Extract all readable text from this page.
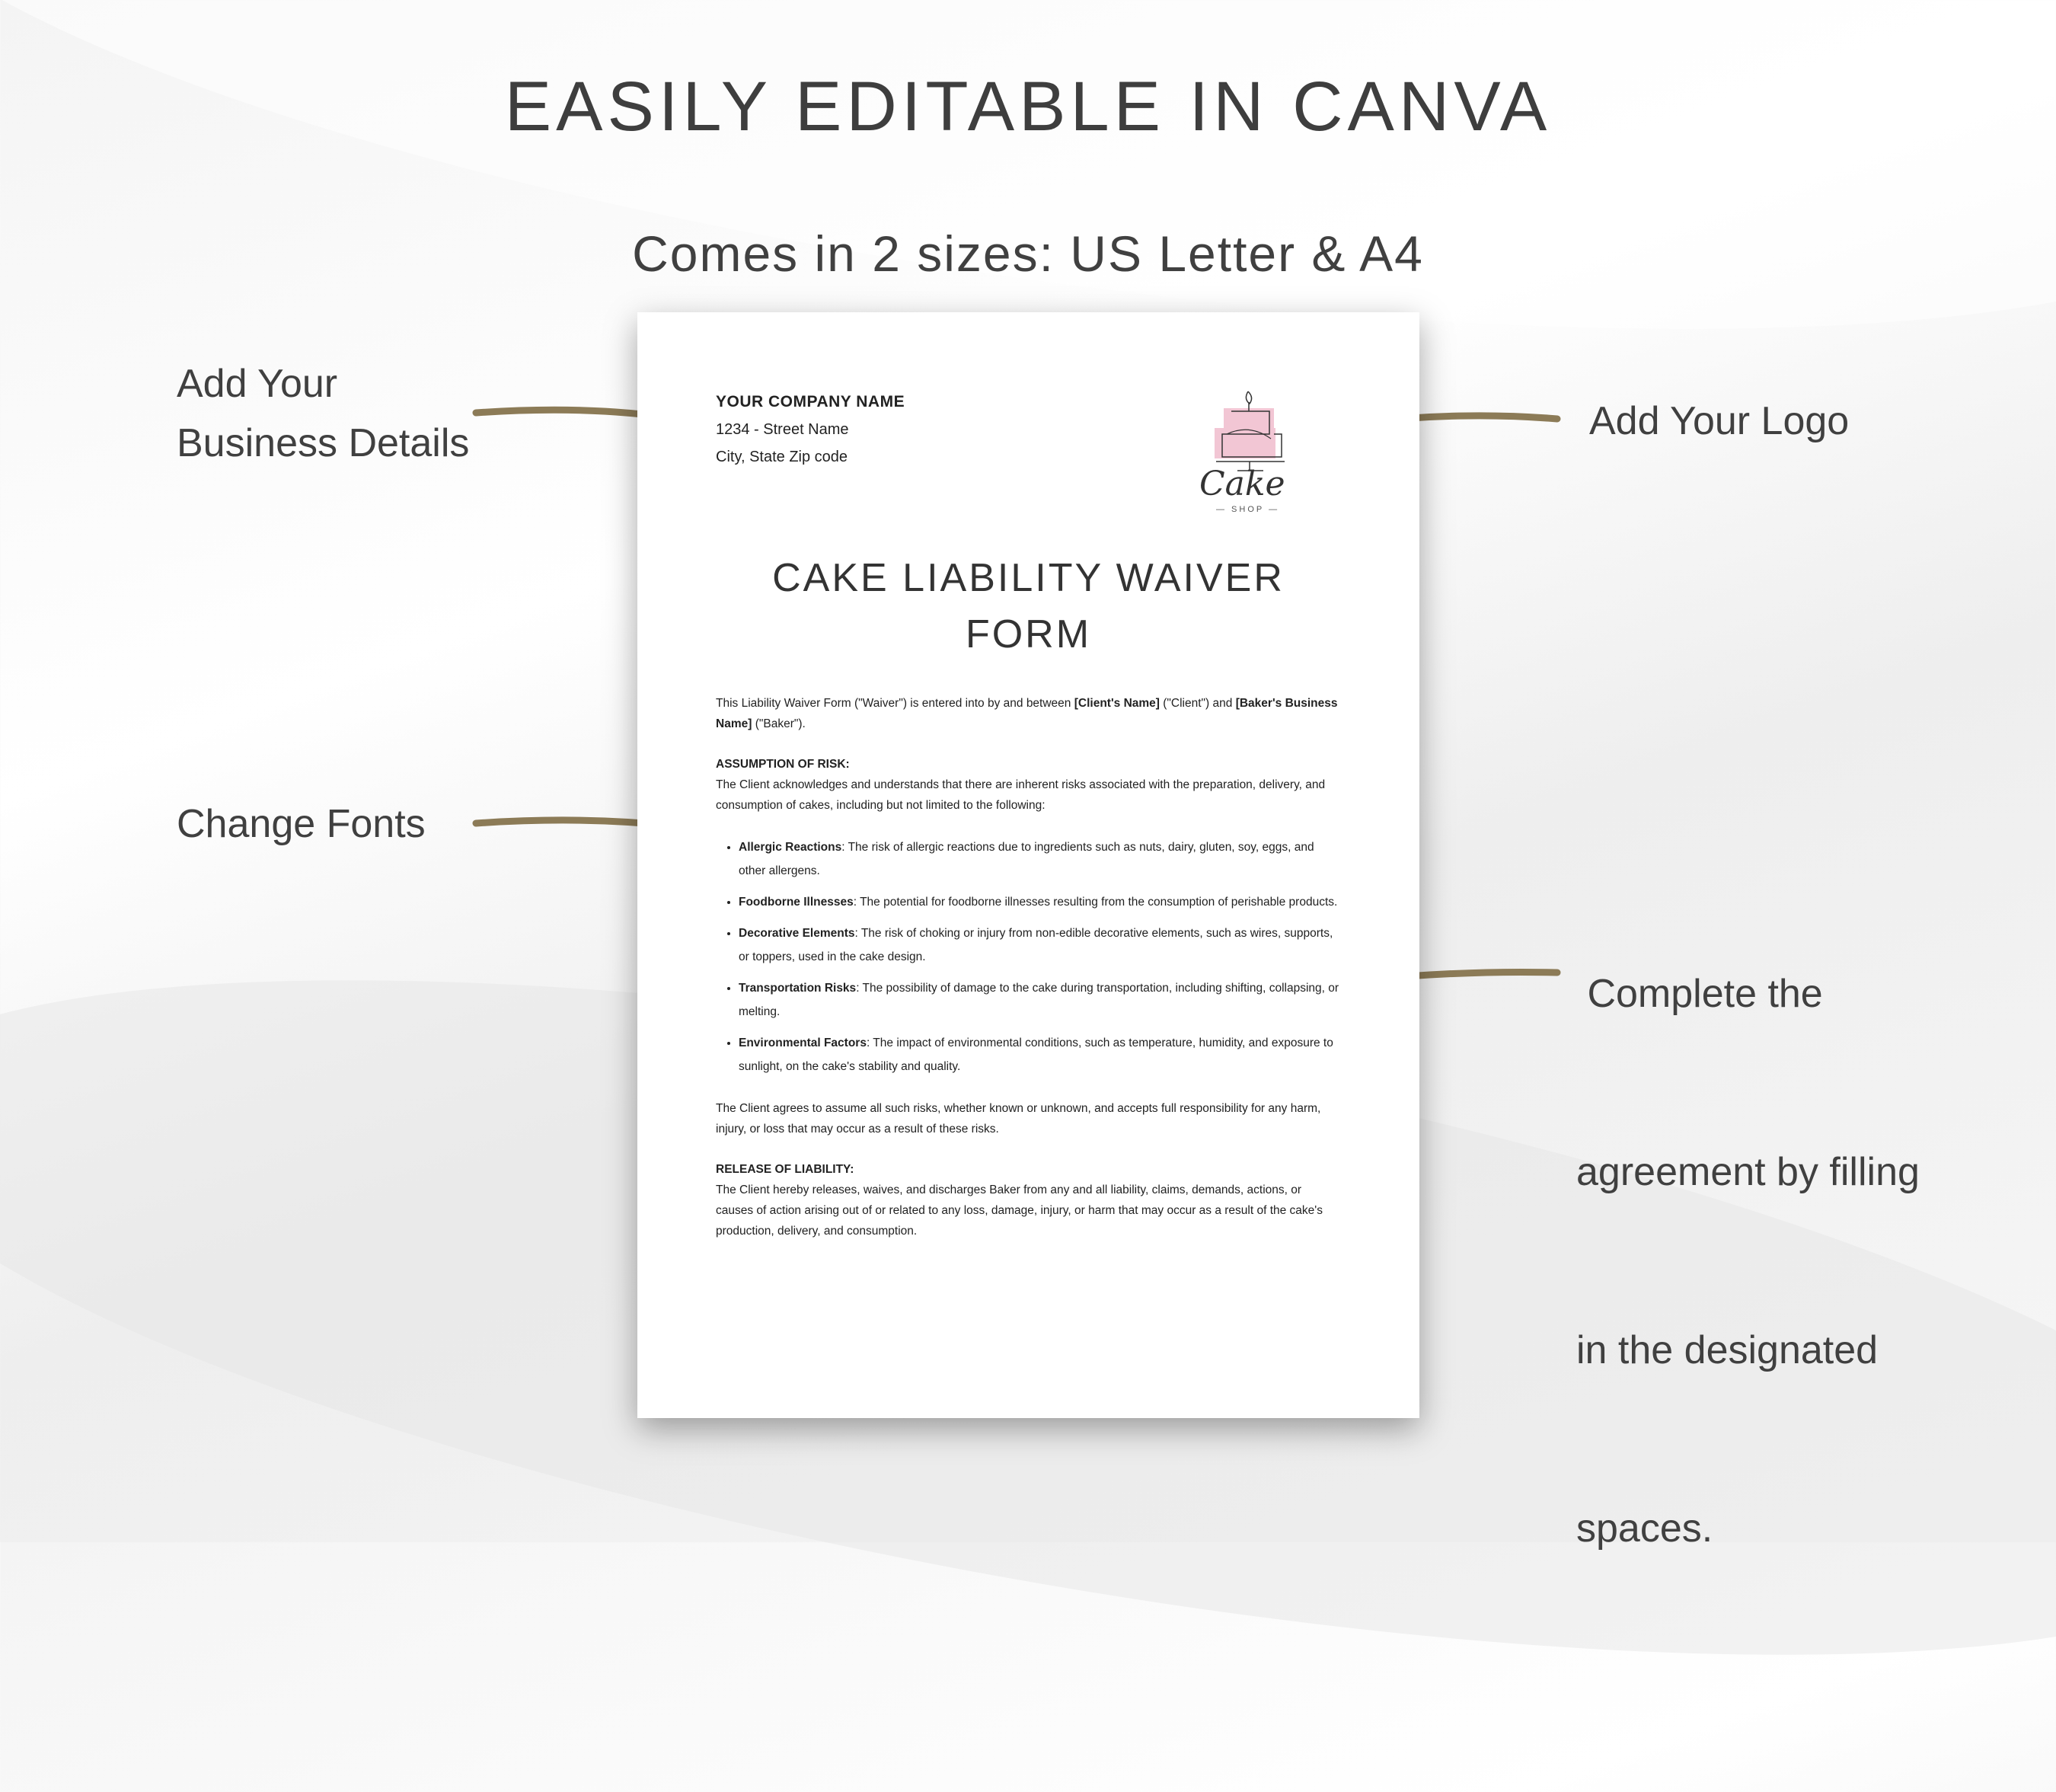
EASILY EDITABLE IN CANVA
Comes in 2 sizes: US Letter & A4
Add Your
Business Details
Change Fonts
Add Your Logo

Complete the

agreement by filling

in the designated

spaces.

YOUR COMPANY NAME
1234 - Street Name
City, State Zip code
Cake
— SHOP —
CAKE LIABILITY WAIVER
FORM

This Liability Waiver Form ("Waiver") is entered into by and between [Client's Name] ("Client") and [Baker's Business Name] ("Baker").

ASSUMPTION OF RISK:

The Client acknowledges and understands that there are inherent risks associated with the preparation, delivery, and consumption of cakes, including but not limited to the following:

• Allergic Reactions: The risk of allergic reactions due to ingredients such as nuts, dairy, gluten, soy, eggs, and other allergens.
• Foodborne Illnesses: The potential for foodborne illnesses resulting from the consumption of perishable products.
• Decorative Elements: The risk of choking or injury from non-edible decorative elements, such as wires, supports, or toppers, used in the cake design.
• Transportation Risks: The possibility of damage to the cake during transportation, including shifting, collapsing, or melting.
• Environmental Factors: The impact of environmental conditions, such as temperature, humidity, and exposure to sunlight, on the cake's stability and quality.

The Client agrees to assume all such risks, whether known or unknown, and accepts full responsibility for any harm, injury, or loss that may occur as a result of these risks.

RELEASE OF LIABILITY:

The Client hereby releases, waives, and discharges Baker from any and all liability, claims, demands, actions, or causes of action arising out of or related to any loss, damage, injury, or harm that may occur as a result of the cake's production, delivery, and consumption.
